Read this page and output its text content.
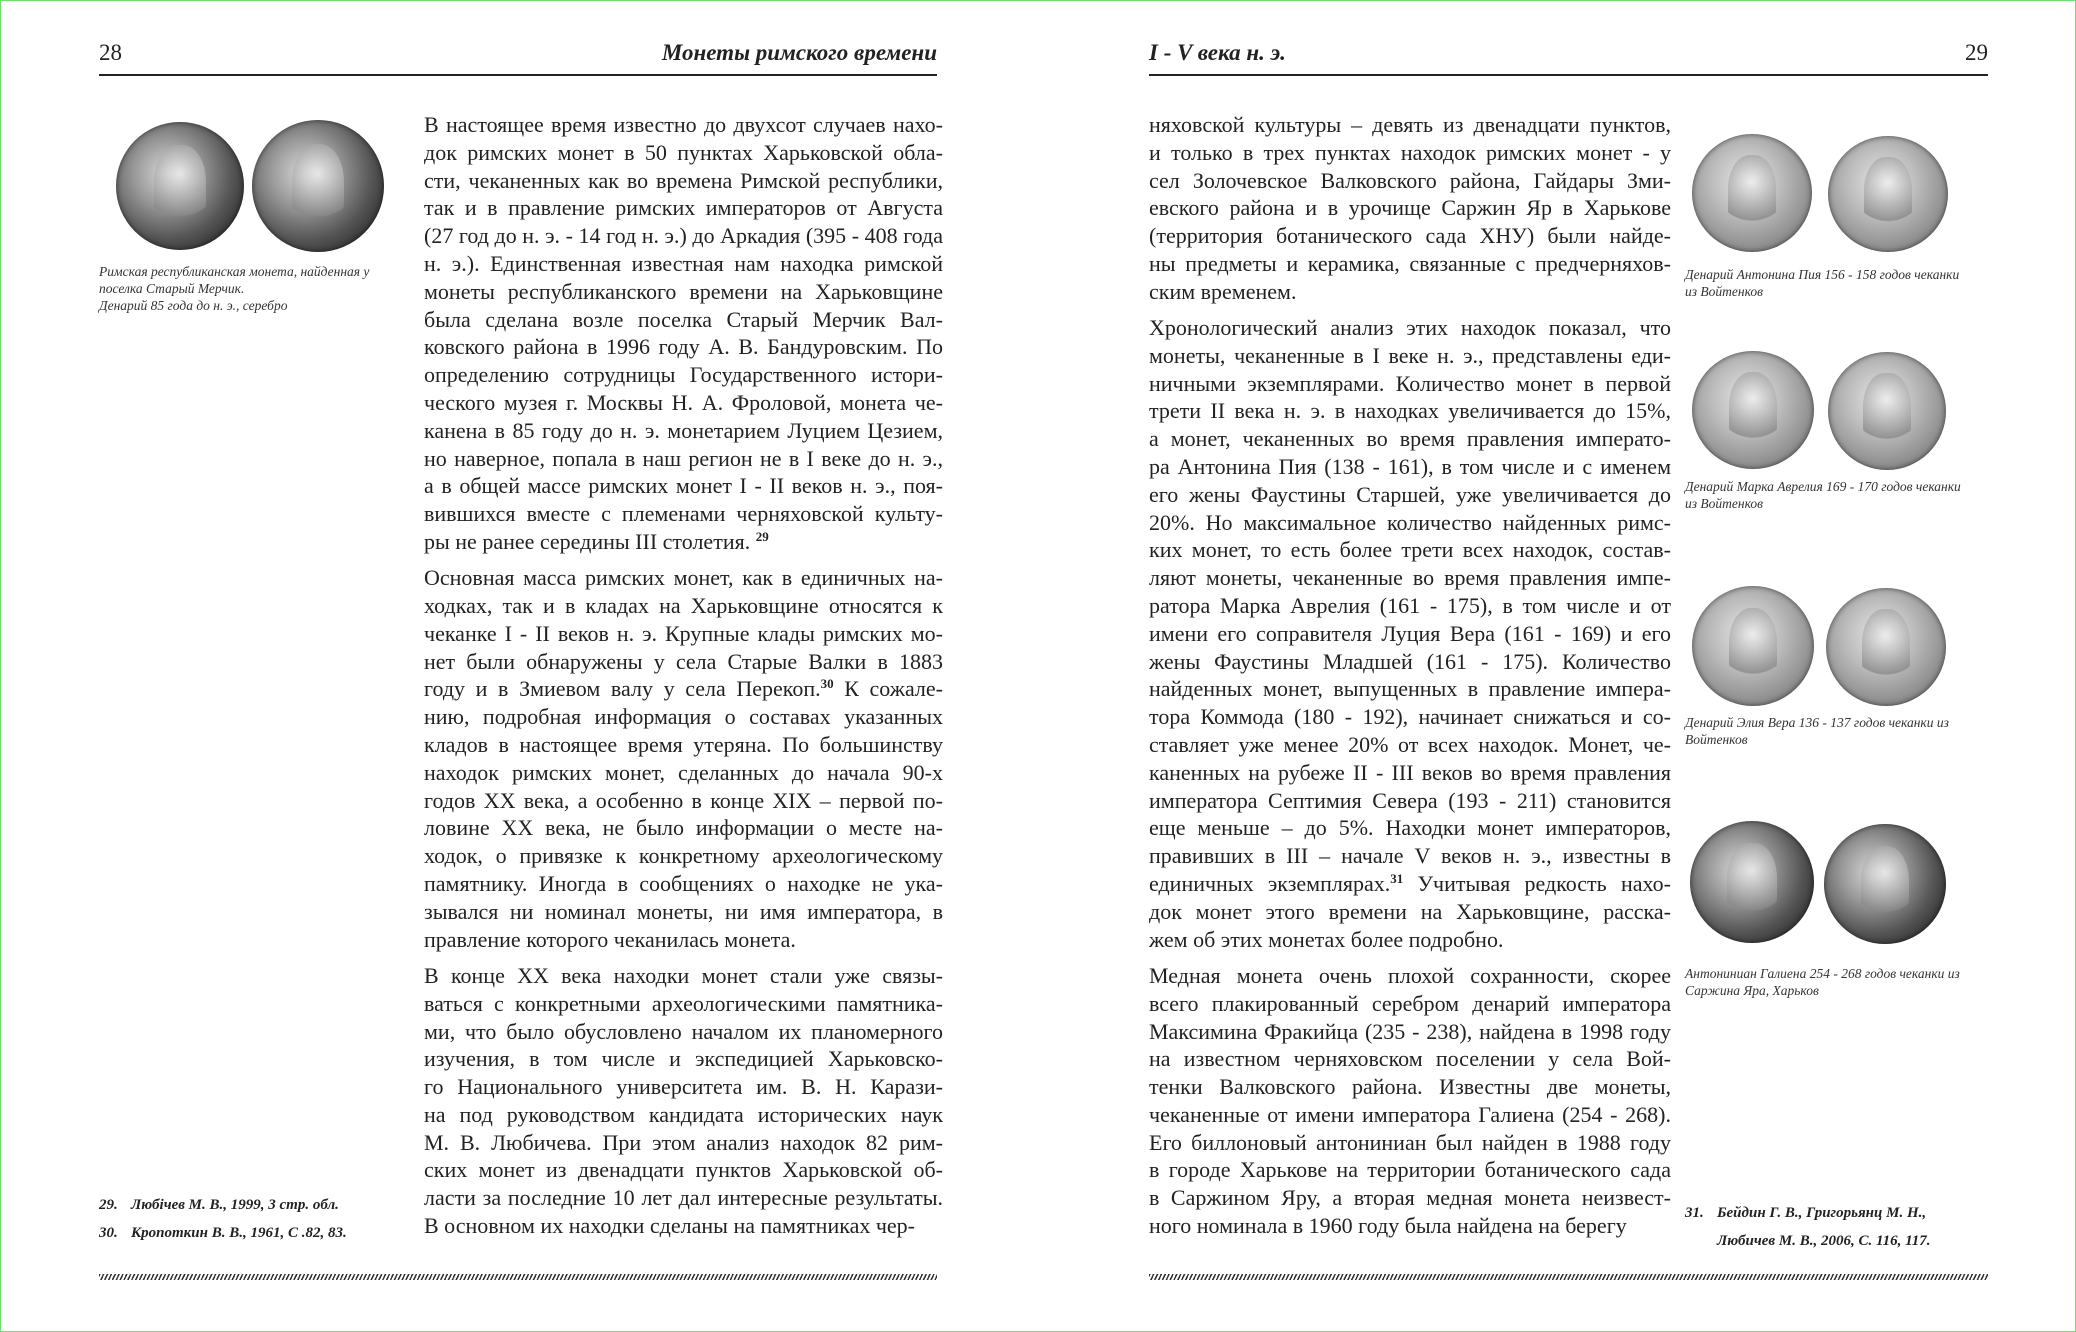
28	Монеты римского времени
Римская республиканская монета, найденная у
поселка Старый Мерчик.
Денарий 85 года до н. э., серебро
В настоящее время известно до двухсот случаев нахо-
док римских монет в 50 пунктах Харьковской обла-
сти, чеканенных как во времена Римской республики,
так и в правление римских императоров от Августа
(27 год до н. э. - 14 год н. э.) до Аркадия (395 - 408 года
н. э.). Единственная известная нам находка римской
монеты республиканского времени на Харьковщине
была сделана возле поселка Старый Мерчик Вал-
ковского района в 1996 году А. В. Бандуровским. По
определению сотрудницы Государственного истори-
ческого музея г. Москвы Н. А. Фроловой, монета че-
канена в 85 году до н. э. монетарием Луцием Цезием,
но наверное, попала в наш регион не в I веке до н. э.,
а в общей массе римских монет I - II веков н. э., поя-
вившихся вместе с племенами черняховской культу-
ры не ранее середины III столетия. $^{29}$
Основная масса римских монет, как в единичных на-
ходках, так и в кладах на Харьковщине относятся к
чеканке I - II веков н. э. Крупные клады римских мо-
нет были обнаружены у села Старые Валки в 1883
году и в Змиевом валу у села Перекоп.$^{30}$ К сожале-
нию, подробная информация о составах указанных
кладов в настоящее время утеряна. По большинству
находок римских монет, сделанных до начала 90-х
годов XX века, а особенно в конце XIX – первой по-
ловине XX века, не было информации о месте на-
ходок, о привязке к конкретному археологическому
памятнику. Иногда в сообщениях о находке не ука-
зывался ни номинал монеты, ни имя императора, в
правление которого чеканилась монета.
В конце XX века находки монет стали уже связы-
ваться с конкретными археологическими памятника-
ми, что было обусловлено началом их планомерного
изучения, в том числе и экспедицией Харьковско-
го Национального университета им. В. Н. Карази-
на под руководством кандидата исторических наук
М. В. Любичева. При этом анализ находок 82 рим-
ских монет из двенадцати пунктов Харьковской об-
ласти за последние 10 лет дал интересные результаты.
В основном их находки сделаны на памятниках чер-
29. Любічев М. В., 1999, 3 стр. обл.
30. Кропоткин В. В., 1961, С .82, 83.
I - V века н. э.	29
няховской культуры – девять из двенадцати пунктов,
и только в трех пунктах находок римских монет - у
сел Золочевское Валковского района, Гайдары Зми-
евского района и в урочище Саржин Яр в Харькове
(территория ботанического сада ХНУ) были найде-
ны предметы и керамика, связанные с предчерняхов-
ским временем.
Хронологический анализ этих находок показал, что
монеты, чеканенные в I веке н. э., представлены еди-
ничными экземплярами. Количество монет в первой
трети II века н. э. в находках увеличивается до 15%,
а монет, чеканенных во время правления императо-
ра Антонина Пия (138 - 161), в том числе и с именем
его жены Фаустины Старшей, уже увеличивается до
20%. Но максимальное количество найденных римс-
ких монет, то есть более трети всех находок, состав-
ляют монеты, чеканенные во время правления импе-
ратора Марка Аврелия (161 - 175), в том числе и от
имени его соправителя Луция Вера (161 - 169) и его
жены Фаустины Младшей (161 - 175). Количество
найденных монет, выпущенных в правление импера-
тора Коммода (180 - 192), начинает снижаться и со-
ставляет уже менее 20% от всех находок. Монет, че-
каненных на рубеже II - III веков во время правления
императора Септимия Севера (193 - 211) становится
еще меньше – до 5%. Находки монет императоров,
правивших в III – начале V веков н. э., известны в
единичных экземплярах.$^{31}$ Учитывая редкость нахо-
док монет этого времени на Харьковщине, расска-
жем об этих монетах более подробно.
Медная монета очень плохой сохранности, скорее
всего плакированный серебром денарий императора
Максимина Фракийца (235 - 238), найдена в 1998 году
на известном черняховском поселении у села Вой-
тенки Валковского района. Известны две монеты,
чеканенные от имени императора Галиена (254 - 268).
Его биллоновый антониниан был найден в 1988 году
в городе Харькове на территории ботанического сада
в Саржином Яру, а вторая медная монета неизвест-
ного номинала в 1960 году была найдена на берегу
Денарий Антонина Пия 156 - 158 годов чеканки
из Войтенков
Денарий Марка Аврелия 169 - 170 годов чеканки
из Войтенков
Денарий Элия Вера 136 - 137 годов чеканки из
Войтенков
Антониниан Галиена 254 - 268 годов чеканки из
Саржина Яра, Харьков
31. Бейдин Г. В., Григорьянц М. Н.,
Любичев М. В., 2006, С. 116, 117.
